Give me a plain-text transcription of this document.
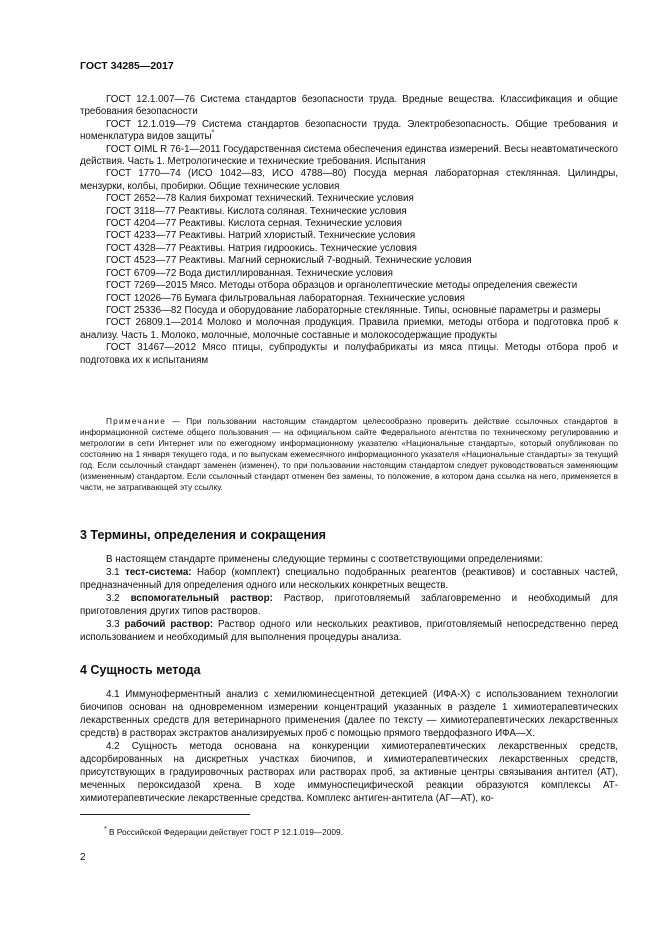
ГОСТ 34285—2017

ГОСТ 12.1.007—76 Система стандартов безопасности труда. Вредные вещества. Классификация и общие требования безопасности

ГОСТ 12.1.019—79 Система стандартов безопасности труда. Электробезопасность. Общие требования и номенклатура видов защиты*

ГОСТ OIML R 76-1—2011 Государственная система обеспечения единства измерений. Весы неавтоматического действия. Часть 1. Метрологические и технические требования. Испытания

ГОСТ 1770—74 (ИСО 1042—83, ИСО 4788—80) Посуда мерная лабораторная стеклянная. Цилиндры, мензурки, колбы, пробирки. Общие технические условия

ГОСТ 2652—78 Калия бихромат технический. Технические условия

ГОСТ 3118—77 Реактивы. Кислота соляная. Технические условия

ГОСТ 4204—77 Реактивы. Кислота серная. Технические условия

ГОСТ 4233—77 Реактивы. Натрий хлористый. Технические условия

ГОСТ 4328—77 Реактивы. Натрия гидроокись. Технические условия

ГОСТ 4523—77 Реактивы. Магний сернокислый 7-водный. Технические условия

ГОСТ 6709—72 Вода дистиллированная. Технические условия

ГОСТ 7269—2015 Мясо. Методы отбора образцов и органолептические методы определения свежести

ГОСТ 12026—76 Бумага фильтровальная лабораторная. Технические условия

ГОСТ 25336—82 Посуда и оборудование лабораторные стеклянные. Типы, основные параметры и размеры

ГОСТ 26809.1—2014 Молоко и молочная продукция. Правила приемки, методы отбора и подготовка проб к анализу. Часть 1. Молоко, молочные, молочные составные и молокосодержащие продукты

ГОСТ 31467—2012 Мясо птицы, субпродукты и полуфабрикаты из мяса птицы. Методы отбора проб и подготовка их к испытаниям

Примечание — При пользовании настоящим стандартом целесообразно проверить действие ссылочных стандартов в информационной системе общего пользования — на официальном сайте Федерального агентства по техническому регулированию и метрологии в сети Интернет или по ежегодному информационному указателю «Национальные стандарты», который опубликован по состоянию на 1 января текущего года, и по выпускам ежемесячного информационного указателя «Национальные стандарты» за текущий год. Если ссылочный стандарт заменен (изменен), то при пользовании настоящим стандартом следует руководствоваться заменяющим (измененным) стандартом. Если ссылочный стандарт отменен без замены, то положение, в котором дана ссылка на него, применяется в части, не затрагивающей эту ссылку.

3 Термины, определения и сокращения

В настоящем стандарте применены следующие термины с соответствующими определениями:

3.1 тест-система: Набор (комплект) специально подобранных реагентов (реактивов) и составных частей, предназначенный для определения одного или нескольких конкретных веществ.

3.2 вспомогательный раствор: Раствор, приготовляемый заблаговременно и необходимый для приготовления других типов растворов.

3.3 рабочий раствор: Раствор одного или нескольких реактивов, приготовляемый непосредственно перед использованием и необходимый для выполнения процедуры анализа.

4 Сущность метода

4.1 Иммуноферментный анализ с хемилюминесцентной детекцией (ИФА-Х) с использованием технологии биочипов основан на одновременном измерении концентраций указанных в разделе 1 химиотерапевтических лекарственных средств для ветеринарного применения (далее по тексту — химиотерапевтических лекарственных средств) в растворах экстрактов анализируемых проб с помощью прямого твердофазного ИФА—Х.

4.2 Сущность метода основана на конкуренции химиотерапевтических лекарственных средств, адсорбированных на дискретных участках биочипов, и химиотерапевтических лекарственных средств, присутствующих в градуировочных растворах или растворах проб, за активные центры связывания антител (АТ), меченных пероксидазой хрена. В ходе иммуноспецифической реакции образуются комплексы АТ-химиотерапевтические лекарственные средства. Комплекс антиген-антитела (АГ—АТ), ко-

* В Российской Федерации действует ГОСТ Р 12.1.019—2009.
2
